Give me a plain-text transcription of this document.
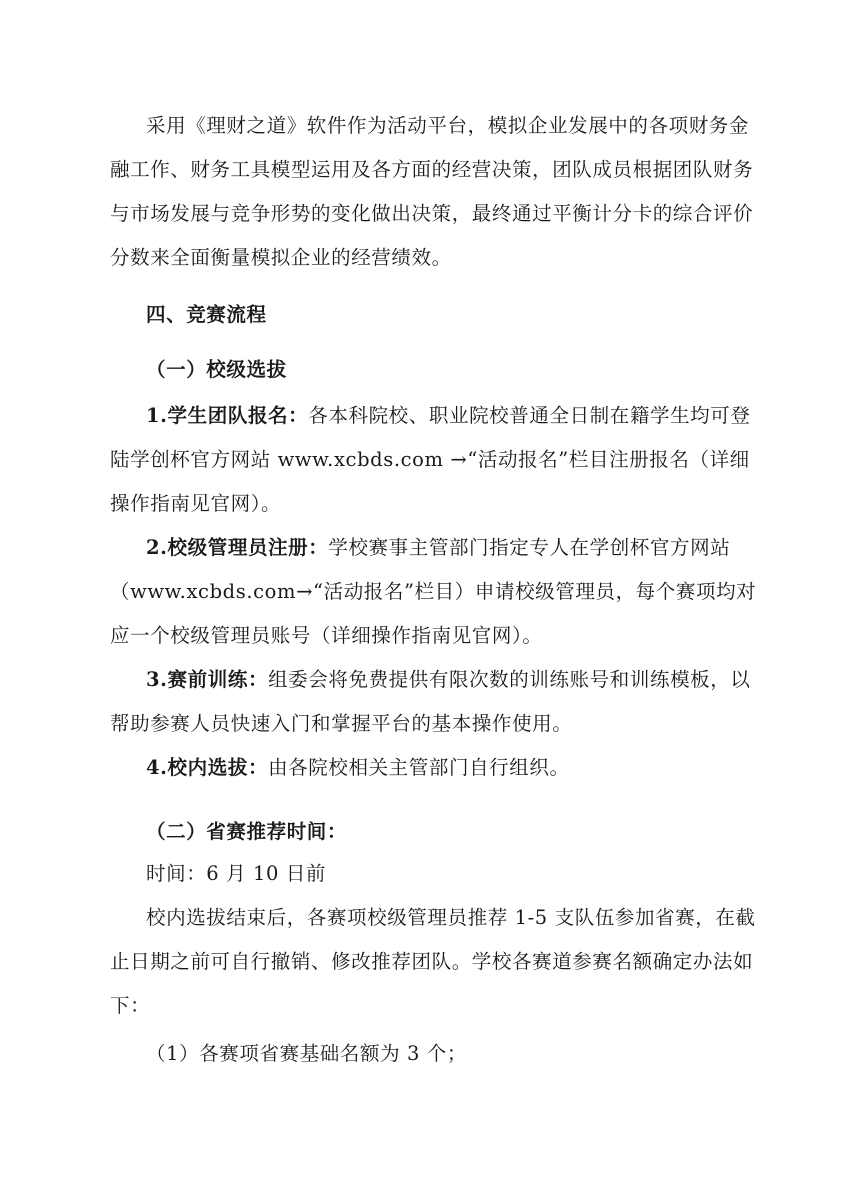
采用《理财之道》软件作为活动平台，模拟企业发展中的各项财务金
融工作、财务工具模型运用及各方面的经营决策，团队成员根据团队财务
与市场发展与竞争形势的变化做出决策，最终通过平衡计分卡的综合评价
分数来全面衡量模拟企业的经营绩效。
四、竞赛流程
（一）校级选拔
1.学生团队报名：各本科院校、职业院校普通全日制在籍学生均可登
陆学创杯官方网站 www.xcbds.com →“活动报名”栏目注册报名（详细
操作指南见官网）。
2.校级管理员注册：学校赛事主管部门指定专人在学创杯官方网站
（www.xcbds.com→“活动报名”栏目）申请校级管理员，每个赛项均对
应一个校级管理员账号（详细操作指南见官网）。
3.赛前训练：组委会将免费提供有限次数的训练账号和训练模板，以
帮助参赛人员快速入门和掌握平台的基本操作使用。
4.校内选拔：由各院校相关主管部门自行组织。
（二）省赛推荐时间：
时间：6 月 10 日前
校内选拔结束后，各赛项校级管理员推荐 1-5 支队伍参加省赛，在截
止日期之前可自行撤销、修改推荐团队。学校各赛道参赛名额确定办法如
下：
（1）各赛项省赛基础名额为 3 个；
